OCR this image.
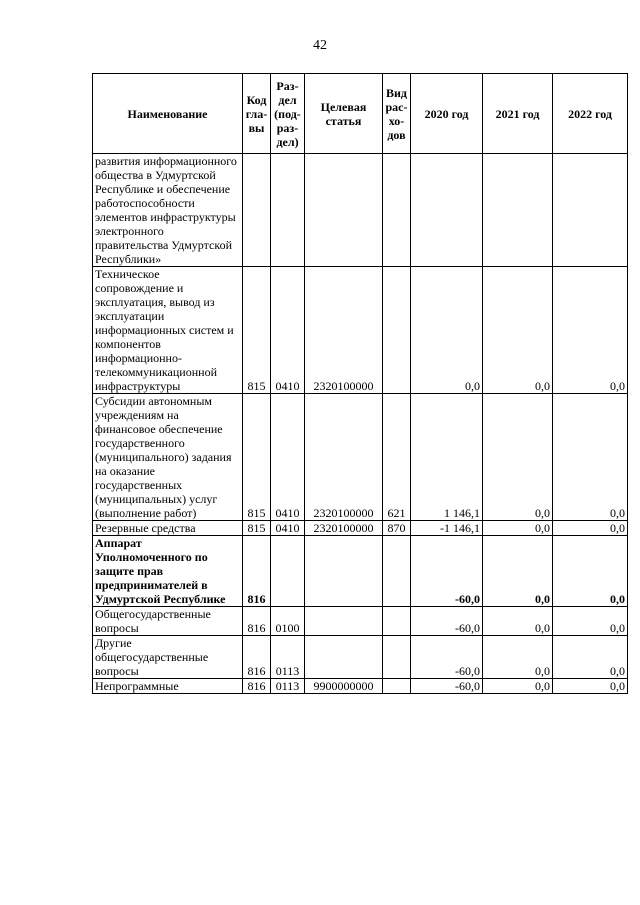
42
Наименование	Код гла- вы	Раз- дел (под- раз- дел)	Целевая статья	Вид рас- хо- дов	2020 год	2021 год	2022 год
развития информационного общества в Удмуртской Республике и обеспечение работоспособности элементов инфраструктуры электронного правительства Удмуртской Республики»							
Техническое сопровождение и эксплуатация, вывод из эксплуатации информационных систем и компонентов информационно-телекоммуникационной инфраструктуры	815	0410	2320100000		0,0	0,0	0,0
Субсидии автономным учреждениям на финансовое обеспечение государственного (муниципального) задания на оказание государственных (муниципальных) услуг (выполнение работ)	815	0410	2320100000	621	1 146,1	0,0	0,0
Резервные средства	815	0410	2320100000	870	-1 146,1	0,0	0,0
Аппарат Уполномоченного по защите прав предпринимателей в Удмуртской Республике	816				-60,0	0,0	0,0
Общегосударственные вопросы	816	0100			-60,0	0,0	0,0
Другие общегосударственные вопросы	816	0113			-60,0	0,0	0,0
Непрограммные	816	0113	9900000000		-60,0	0,0	0,0
